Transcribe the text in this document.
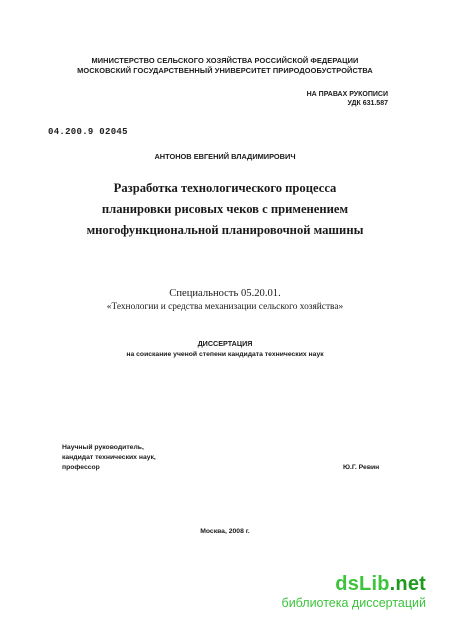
МИНИСТЕРСТВО СЕЛЬСКОГО ХОЗЯЙСТВА РОССИЙСКОЙ ФЕДЕРАЦИИ
МОСКОВСКИЙ ГОСУДАРСТВЕННЫЙ УНИВЕРСИТЕТ ПРИРОДООБУСТРОЙСТВА
НА ПРАВАХ РУКОПИСИ
УДК 631.587
04.200.9 02045
АНТОНОВ ЕВГЕНИЙ ВЛАДИМИРОВИЧ
Разработка технологического процесса
планировки рисовых чеков с применением
многофункциональной планировочной машины
Специальность 05.20.01.
«Технологии и средства механизации сельского хозяйства»
ДИССЕРТАЦИЯ
на соискание ученой степени кандидата технических наук
Научный руководитель,
кандидат технических наук,
профессор	Ю.Г. Ревин
Москва, 2008 г.
dsLib.net
библиотека диссертаций
